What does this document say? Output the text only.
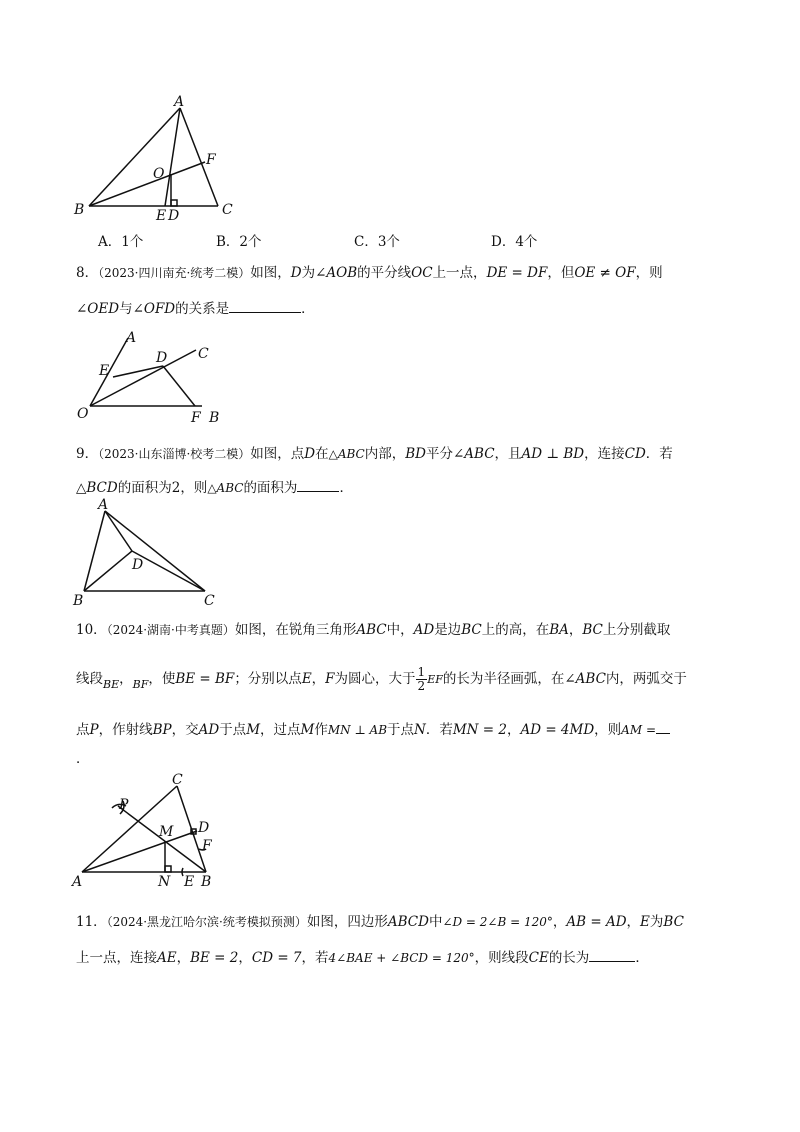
A
O
F
B	E D	C
A．1个	B．2个	C．3个	D．4个
8．（2023·四川南充·统考二模）如图，D为∠AOB的平分线OC上一点，DE = DF，但OE ≠ OF，则
∠OED与∠OFD的关系是	．
A
C
E
D
O	F B
9．（2023·山东淄博·校考二模）如图，点D在△ABC内部，BD平分∠ABC，且AD ⊥ BD，连接CD．若
△BCD的面积为2，则△ABC的面积为	．
A
D
B	C
10．（2024·湖南·中考真题）如图，在锐角三角形ABC中，AD是边BC上的高，在BA，BC上分别截取
线段$_{BE}$，$_{BF}$，使BE = BF；分别以点E，F为圆心，大于 $\frac{1}{2}$ EF的长为半径画弧，在∠ABC内，两弧交于
点P，作射线BP，交AD于点M，过点M作MN ⊥ AB于点N．若MN = 2，AD = 4MD，则AM =
．
C
P
M D
F
A	N E B
11．（2024·黑龙江哈尔滨·统考模拟预测）如图，四边形ABCD中∠D = 2∠B = 120°，AB = AD，E为BC
上一点，连接AE，BE = 2，CD = 7，若4∠BAE + ∠BCD = 120°，则线段CE的长为	．
